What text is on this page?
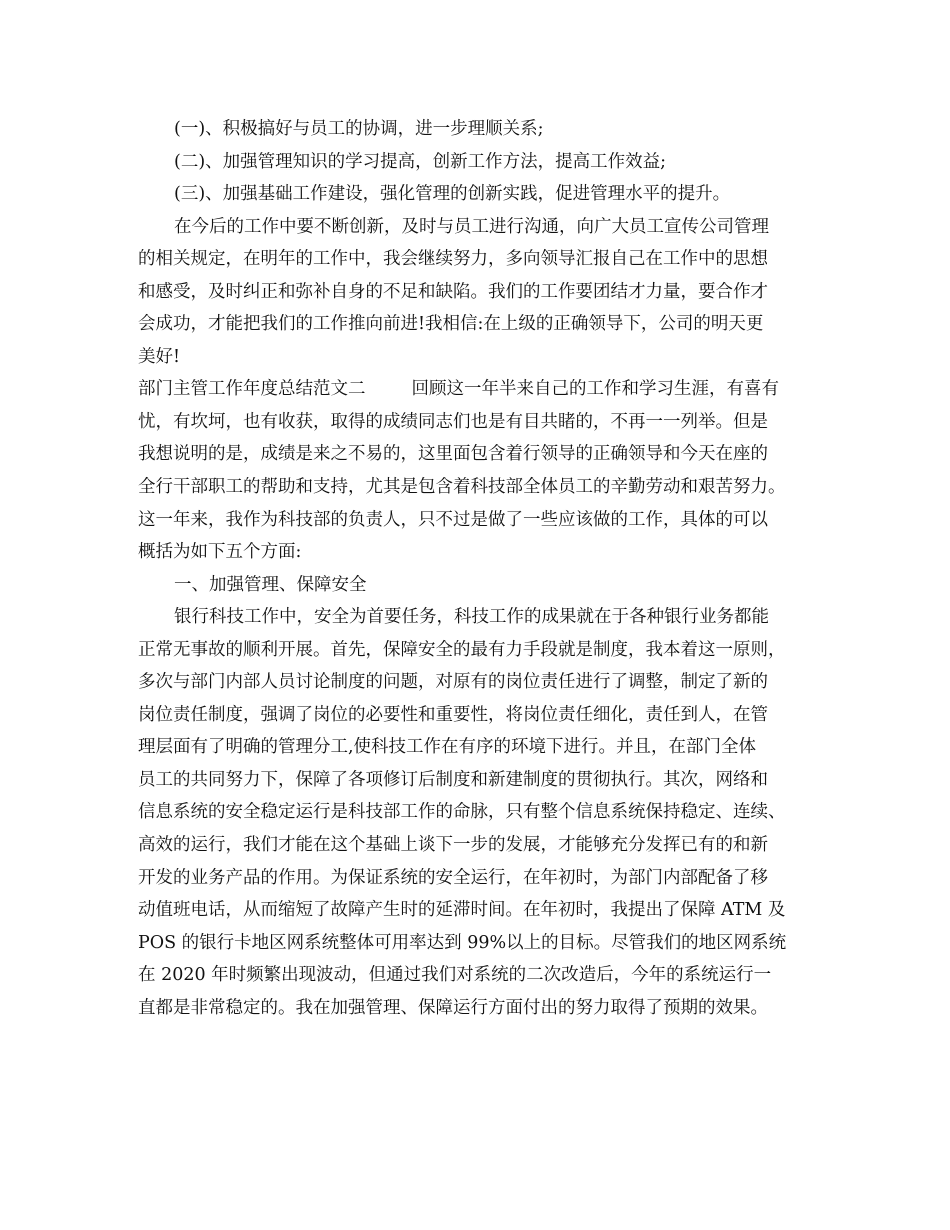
(一)、积极搞好与员工的协调，进一步理顺关系;
(二)、加强管理知识的学习提高，创新工作方法，提高工作效益;
(三)、加强基础工作建设，强化管理的创新实践，促进管理水平的提升。
在今后的工作中要不断创新，及时与员工进行沟通，向广大员工宣传公司管理
的相关规定，在明年的工作中，我会继续努力，多向领导汇报自己在工作中的思想
和感受，及时纠正和弥补自身的不足和缺陷。我们的工作要团结才力量，要合作才
会成功，才能把我们的工作推向前进!我相信:在上级的正确领导下，公司的明天更
美好!
部门主管工作年度总结范文二	回顾这一年半来自己的工作和学习生涯，有喜有
忧，有坎坷，也有收获，取得的成绩同志们也是有目共睹的，不再一一列举。但是
我想说明的是，成绩是来之不易的，这里面包含着行领导的正确领导和今天在座的
全行干部职工的帮助和支持，尤其是包含着科技部全体员工的辛勤劳动和艰苦努力。
这一年来，我作为科技部的负责人，只不过是做了一些应该做的工作，具体的可以
概括为如下五个方面:
一、加强管理、保障安全
银行科技工作中，安全为首要任务，科技工作的成果就在于各种银行业务都能
正常无事故的顺利开展。首先，保障安全的最有力手段就是制度，我本着这一原则，
多次与部门内部人员讨论制度的问题，对原有的岗位责任进行了调整，制定了新的
岗位责任制度，强调了岗位的必要性和重要性，将岗位责任细化，责任到人，在管
理层面有了明确的管理分工,使科技工作在有序的环境下进行。并且，在部门全体
员工的共同努力下，保障了各项修订后制度和新建制度的贯彻执行。其次，网络和
信息系统的安全稳定运行是科技部工作的命脉，只有整个信息系统保持稳定、连续、
高效的运行，我们才能在这个基础上谈下一步的发展，才能够充分发挥已有的和新
开发的业务产品的作用。为保证系统的安全运行，在年初时，为部门内部配备了移
动值班电话，从而缩短了故障产生时的延滞时间。在年初时，我提出了保障 ATM 及
POS 的银行卡地区网系统整体可用率达到 99%以上的目标。尽管我们的地区网系统
在 2020 年时频繁出现波动，但通过我们对系统的二次改造后，今年的系统运行一
直都是非常稳定的。我在加强管理、保障运行方面付出的努力取得了预期的效果。
